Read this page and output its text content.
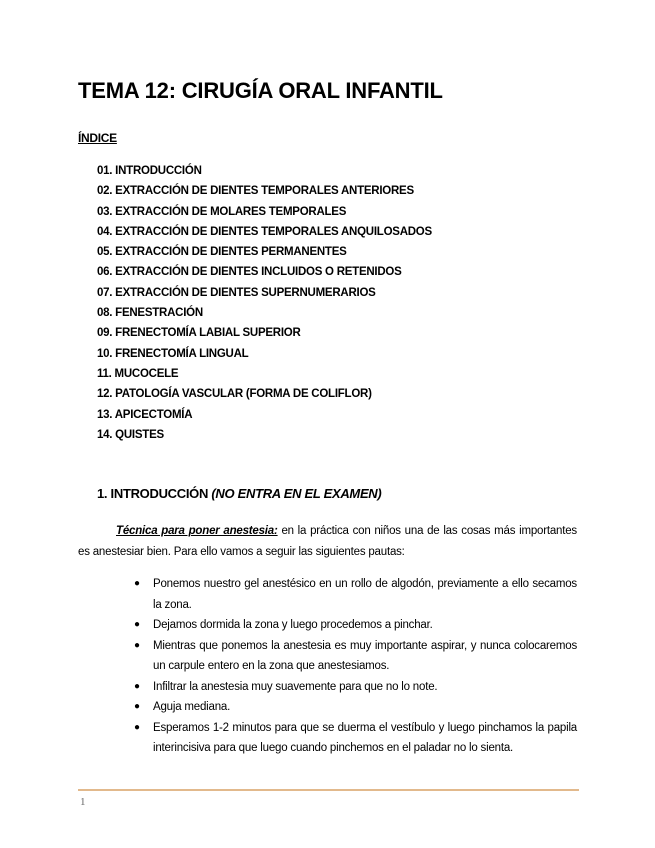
TEMA 12: CIRUGÍA ORAL INFANTIL
ÍNDICE
01. INTRODUCCIÓN
02. EXTRACCIÓN DE DIENTES TEMPORALES ANTERIORES
03. EXTRACCIÓN DE MOLARES TEMPORALES
04. EXTRACCIÓN DE DIENTES TEMPORALES ANQUILOSADOS
05. EXTRACCIÓN DE DIENTES PERMANENTES
06. EXTRACCIÓN DE DIENTES INCLUIDOS O RETENIDOS
07. EXTRACCIÓN DE DIENTES SUPERNUMERARIOS
08. FENESTRACIÓN
09. FRENECTOMÍA LABIAL SUPERIOR
10. FRENECTOMÍA LINGUAL
11. MUCOCELE
12. PATOLOGÍA VASCULAR (FORMA DE COLIFLOR)
13. APICECTOMÍA
14. QUISTES
1. INTRODUCCIÓN (NO ENTRA EN EL EXAMEN)

Técnica para poner anestesia: en la práctica con niños una de las cosas más importantes es anestesiar bien. Para ello vamos a seguir las siguientes pautas:

● Ponemos nuestro gel anestésico en un rollo de algodón, previamente a ello secamos la zona.
● Dejamos dormida la zona y luego procedemos a pinchar.
● Mientras que ponemos la anestesia es muy importante aspirar, y nunca colocaremos un carpule entero en la zona que anestesiamos.
● Infiltrar la anestesia muy suavemente para que no lo note.
● Aguja mediana.
● Esperamos 1-2 minutos para que se duerma el vestíbulo y luego pinchamos la papila interincisiva para que luego cuando pinchemos en el paladar no lo sienta.
1
